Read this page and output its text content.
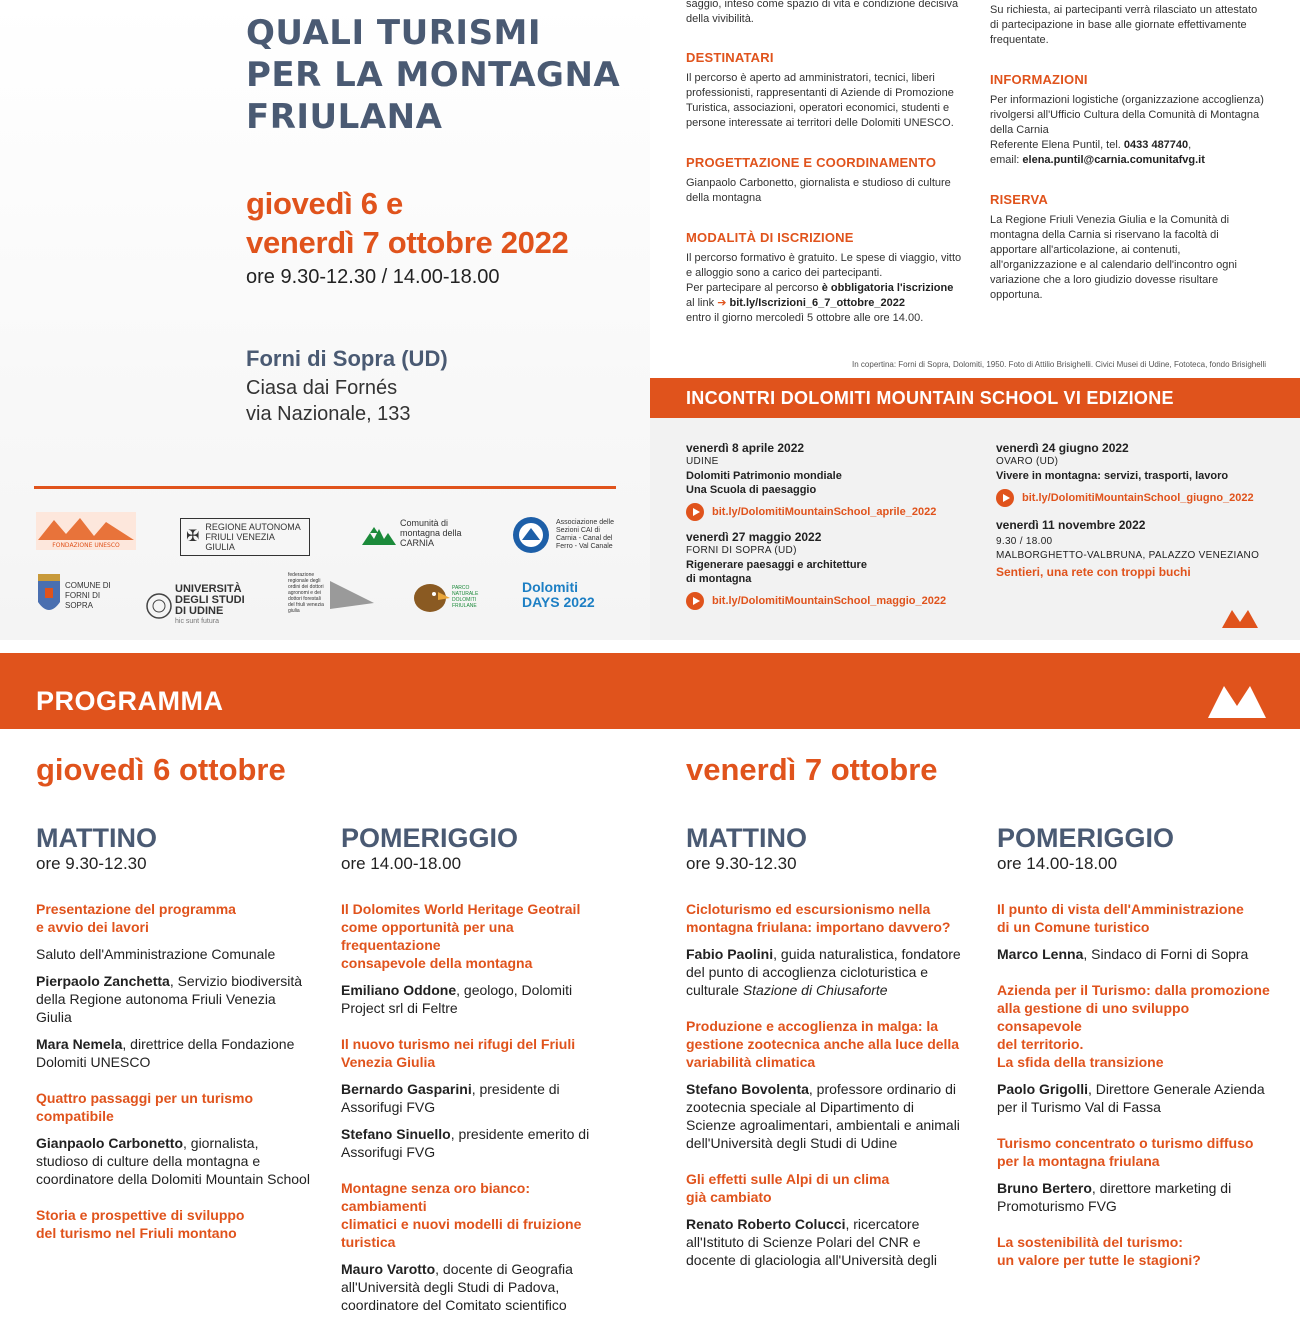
QUALI TURISMI PER LA MONTAGNA FRIULANA
giovedì 6 e
venerdì 7 ottobre 2022
ore 9.30-12.30 / 14.00-18.00
Forni di Sopra (UD)
Ciasa dai Fornés
via Nazionale, 133
FONDAZIONE UNESCO
✠
REGIONE AUTONOMA FRIULI VENEZIA GIULIA
Comunità di montagna della CARNIA
Associazione delle Sezioni CAI di Carnia - Canal del Ferro - Val Canale
COMUNE DI FORNI DI SOPRA
UNIVERSITÀ DEGLI STUDI DI UDINE
hic sunt futura
federazione regionale degli ordini dei dottori agronomi e dei dottori forestali del friuli venezia giulia
PARCO NATURALE DOLOMITI FRIULANE
Dolomiti DAYS 2022

saggio, inteso come spazio di vita e condizione decisiva della vivibilità.

DESTINATARI

Il percorso è aperto ad amministratori, tecnici, liberi professionisti, rappresentanti di Aziende di Promozione Turistica, associazioni, operatori economici, studenti e persone interessate ai territori delle Dolomiti UNESCO.

PROGETTAZIONE E COORDINAMENTO

Gianpaolo Carbonetto, giornalista e studioso di culture della montagna

MODALITÀ DI ISCRIZIONE

Il percorso formativo è gratuito. Le spese di viaggio, vitto e alloggio sono a carico dei partecipanti.

Per partecipare al percorso è obbligatoria l'iscrizione

al link ➔ bit.ly/Iscrizioni_6_7_ottobre_2022

entro il giorno mercoledì 5 ottobre alle ore 14.00.

Su richiesta, ai partecipanti verrà rilasciato un attestato di partecipazione in base alle giornate effettivamente frequentate.

INFORMAZIONI

Per informazioni logistiche (organizzazione accoglienza) rivolgersi all'Ufficio Cultura della Comunità di Montagna della Carnia

Referente Elena Puntil, tel. 0433 487740,

email: elena.puntil@carnia.comunitafvg.it

RISERVA

La Regione Friuli Venezia Giulia e la Comunità di montagna della Carnia si riservano la facoltà di apportare all'articolazione, ai contenuti, all'organizzazione e al calendario dell'incontro ogni variazione che a loro giudizio dovesse risultare opportuna.

In copertina: Forni di Sopra, Dolomiti, 1950. Foto di Attilio Brisighelli. Civici Musei di Udine, Fototeca, fondo Brisighelli
INCONTRI DOLOMITI MOUNTAIN SCHOOL VI EDIZIONE
venerdì 8 aprile 2022
UDINE
Dolomiti Patrimonio mondiale
Una Scuola di paesaggio
bit.ly/DolomitiMountainSchool_aprile_2022
venerdì 27 maggio 2022
FORNI DI SOPRA (UD)
Rigenerare paesaggi e architetture
di montagna
bit.ly/DolomitiMountainSchool_maggio_2022
venerdì 24 giugno 2022
OVARO (UD)
Vivere in montagna: servizi, trasporti, lavoro
bit.ly/DolomitiMountainSchool_giugno_2022
venerdì 11 novembre 2022
9.30 / 18.00
MALBORGHETTO-VALBRUNA, PALAZZO VENEZIANO
Sentieri, una rete con troppi buchi
PROGRAMMA
giovedì 6 ottobre	venerdì 7 ottobre
MATTINO
ore 9.30-12.30
Presentazione del programma
e avvio dei lavori
Saluto dell'Amministrazione Comunale
Pierpaolo Zanchetta, Servizio biodiversità della Regione autonoma Friuli Venezia Giulia
Mara Nemela, direttrice della Fondazione Dolomiti UNESCO
Quattro passaggi per un turismo
compatibile
Gianpaolo Carbonetto, giornalista, studioso di culture della montagna e coordinatore della Dolomiti Mountain School
Storia e prospettive di sviluppo
del turismo nel Friuli montano
POMERIGGIO
ore 14.00-18.00
Il Dolomites World Heritage Geotrail
come opportunità per una frequentazione
consapevole della montagna
Emiliano Oddone, geologo, Dolomiti Project srl di Feltre
Il nuovo turismo nei rifugi del Friuli
Venezia Giulia
Bernardo Gasparini, presidente di Assorifugi FVG
Stefano Sinuello, presidente emerito di Assorifugi FVG
Montagne senza oro bianco: cambiamenti
climatici e nuovi modelli di fruizione
turistica
Mauro Varotto, docente di Geografia all'Università degli Studi di Padova, coordinatore del Comitato scientifico
MATTINO
ore 9.30-12.30
Cicloturismo ed escursionismo nella
montagna friulana: importano davvero?
Fabio Paolini, guida naturalistica, fondatore del punto di accoglienza cicloturistica e culturale Stazione di Chiusaforte
Produzione e accoglienza in malga: la
gestione zootecnica anche alla luce della
variabilità climatica
Stefano Bovolenta, professore ordinario di zootecnia speciale al Dipartimento di Scienze agroalimentari, ambientali e animali dell'Università degli Studi di Udine
Gli effetti sulle Alpi di un clima
già cambiato
Renato Roberto Colucci, ricercatore all'Istituto di Scienze Polari del CNR e docente di glaciologia all'Università degli
POMERIGGIO
ore 14.00-18.00
Il punto di vista dell'Amministrazione
di un Comune turistico
Marco Lenna, Sindaco di Forni di Sopra
Azienda per il Turismo: dalla promozione
alla gestione di uno sviluppo consapevole
del territorio.
La sfida della transizione
Paolo Grigolli, Direttore Generale Azienda per il Turismo Val di Fassa
Turismo concentrato o turismo diffuso
per la montagna friulana
Bruno Bertero, direttore marketing di Promoturismo FVG
La sostenibilità del turismo:
un valore per tutte le stagioni?
